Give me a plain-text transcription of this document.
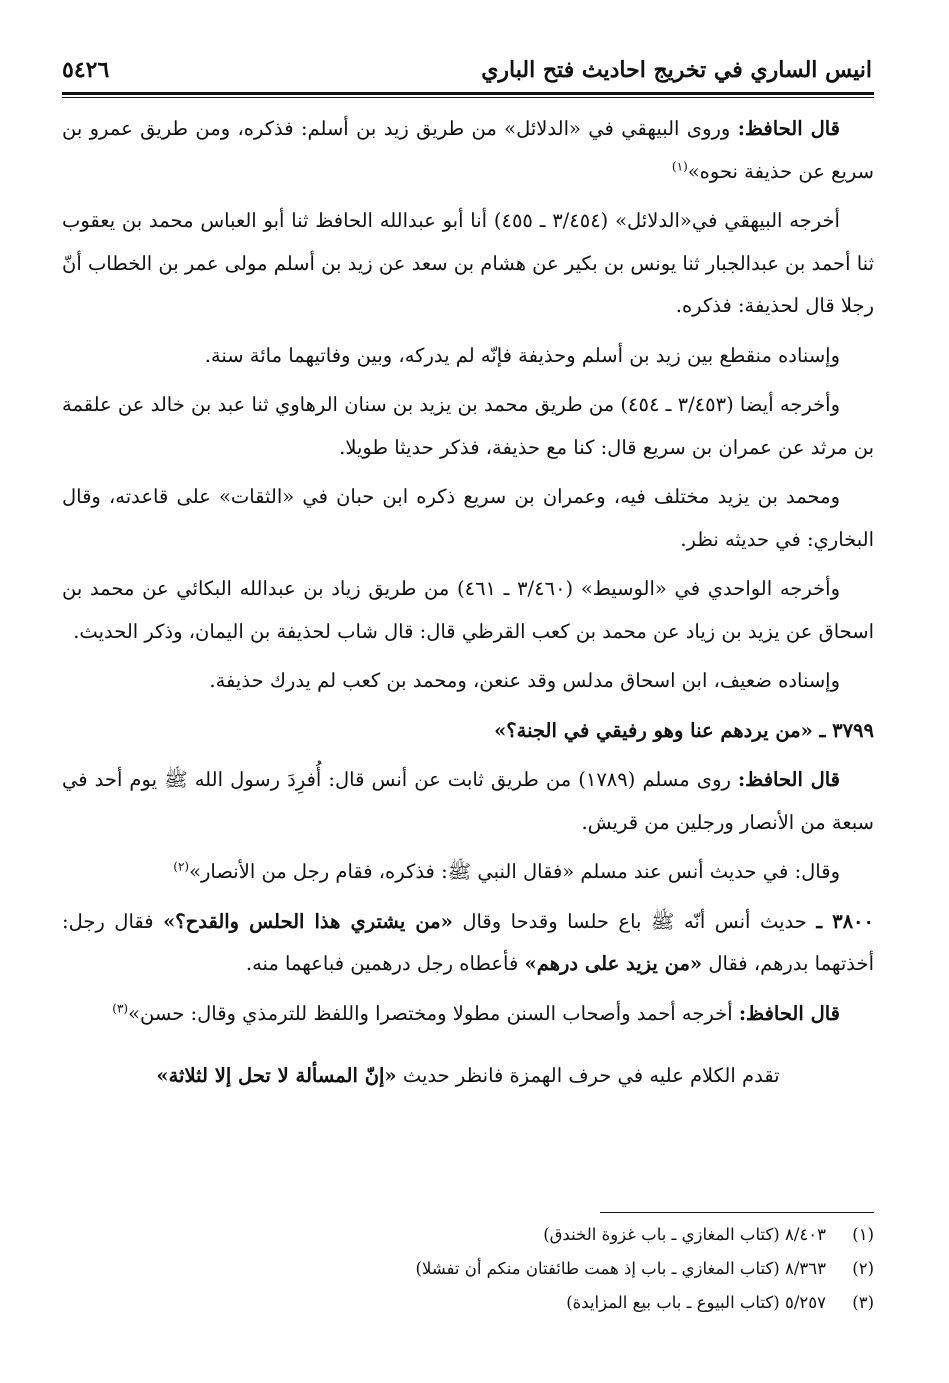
انيس الساري في تخريج احاديث فتح الباري
٥٤٢٦

قال الحافظ: وروى البيهقي في «الدلائل» من طريق زيد بن أسلم: فذكره، ومن طريق عمرو بن سريع عن حذيفة نحوه»$^{(١)}$

أخرجه البيهقي في«الدلائل» (٣/٤٥٤ ـ ٤٥٥) أنا أبو عبدالله الحافظ ثنا أبو العباس محمد بن يعقوب ثنا أحمد بن عبدالجبار ثنا يونس بن بكير عن هشام بن سعد عن زيد بن أسلم مولى عمر بن الخطاب أنّ رجلا قال لحذيفة: فذكره.

وإسناده منقطع بين زيد بن أسلم وحذيفة فإنّه لم يدركه، وبين وفاتيهما مائة سنة.

وأخرجه أيضا (٣/٤٥٣ ـ ٤٥٤) من طريق محمد بن يزيد بن سنان الرهاوي ثنا عبد بن خالد عن علقمة بن مرثد عن عمران بن سريع قال: كنا مع حذيفة، فذكر حديثا طويلا.

ومحمد بن يزيد مختلف فيه، وعمران بن سريع ذكره ابن حبان في «الثقات» على قاعدته، وقال البخاري: في حديثه نظر.

وأخرجه الواحدي في «الوسيط» (٣/٤٦٠ ـ ٤٦١) من طريق زياد بن عبدالله البكائي عن محمد بن اسحاق عن يزيد بن زياد عن محمد بن كعب القرظي قال: قال شاب لحذيفة بن اليمان، وذكر الحديث.

وإسناده ضعيف، ابن اسحاق مدلس وقد عنعن، ومحمد بن كعب لم يدرك حذيفة.

٣٧٩٩ ـ «من يردهم عنا وهو رفيقي في الجنة؟»

قال الحافظ: روى مسلم (١٧٨٩) من طريق ثابت عن أنس قال: أُفرِدَ رسول الله ﷺ يوم أحد في سبعة من الأنصار ورجلين من قريش.

وقال: في حديث أنس عند مسلم «فقال النبي ﷺ: فذكره، فقام رجل من الأنصار»$^{(٢)}$

٣٨٠٠ ـ حديث أنس أنّه ﷺ باع حلسا وقدحا وقال «من يشتري هذا الحلس والقدح؟» فقال رجل: أخذتهما بدرهم، فقال «من يزيد على درهم» فأعطاه رجل درهمين فباعهما منه.

قال الحافظ: أخرجه أحمد وأصحاب السنن مطولا ومختصرا واللفظ للترمذي وقال: حسن»$^{(٣)}$

تقدم الكلام عليه في حرف الهمزة فانظر حديث «إنّ المسألة لا تحل إلا لثلاثة»

(١)
٨/٤٠٣ (كتاب المغازي ـ باب غزوة الخندق)
(٢)
٨/٣٦٣ (كتاب المغازي ـ باب إذ همت طائفتان منكم أن تفشلا)
(٣)
٥/٢٥٧ (كتاب البيوع ـ باب بيع المزايدة)
